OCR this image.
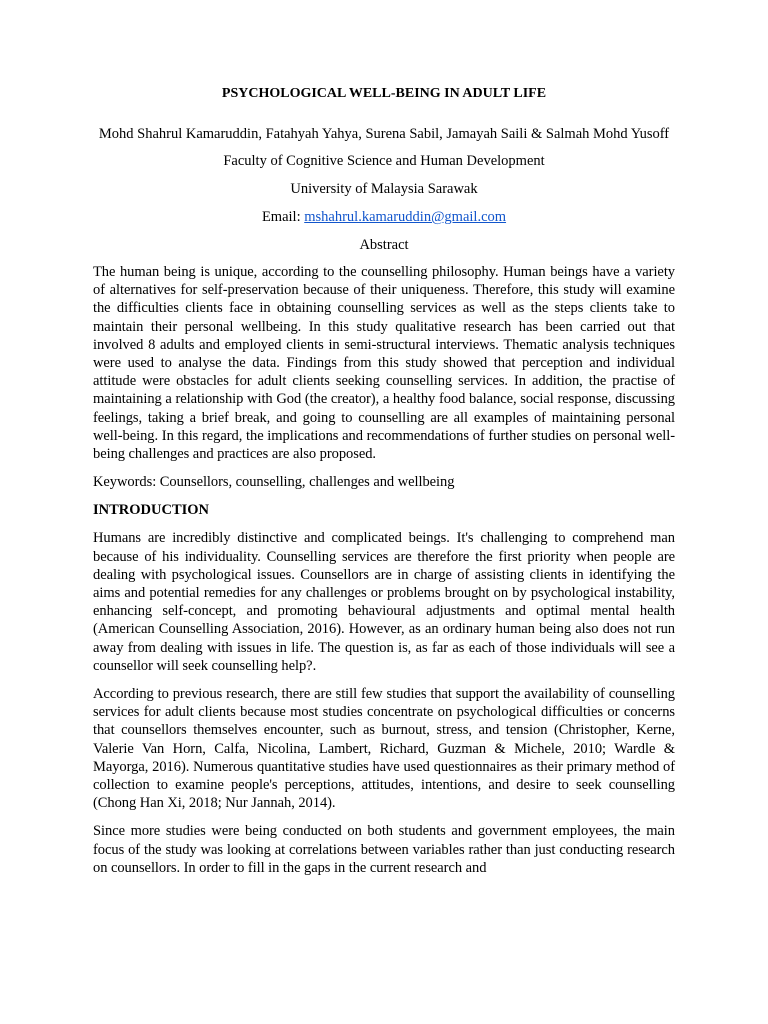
PSYCHOLOGICAL WELL-BEING IN ADULT LIFE
Mohd Shahrul Kamaruddin, Fatahyah Yahya, Surena Sabil, Jamayah Saili & Salmah Mohd Yusoff
Faculty of Cognitive Science and Human Development
University of Malaysia Sarawak
Email: mshahrul.kamaruddin@gmail.com
Abstract

The human being is unique, according to the counselling philosophy. Human beings have a variety of alternatives for self-preservation because of their uniqueness. Therefore, this study will examine the difficulties clients face in obtaining counselling services as well as the steps clients take to maintain their personal wellbeing. In this study qualitative research has been carried out that involved 8 adults and employed clients in semi-structural interviews. Thematic analysis techniques were used to analyse the data. Findings from this study showed that perception and individual attitude were obstacles for adult clients seeking counselling services. In addition, the practise of maintaining a relationship with God (the creator), a healthy food balance, social response, discussing feelings, taking a brief break, and going to counselling are all examples of maintaining personal well-being. In this regard, the implications and recommendations of further studies on personal well-being challenges and practices are also proposed.

Keywords: Counsellors, counselling, challenges and wellbeing

INTRODUCTION

Humans are incredibly distinctive and complicated beings. It's challenging to comprehend man because of his individuality. Counselling services are therefore the first priority when people are dealing with psychological issues. Counsellors are in charge of assisting clients in identifying the aims and potential remedies for any challenges or problems brought on by psychological instability, enhancing self-concept, and promoting behavioural adjustments and optimal mental health (American Counselling Association, 2016). However, as an ordinary human being also does not run away from dealing with issues in life. The question is, as far as each of those individuals will see a counsellor will seek counselling help?.

According to previous research, there are still few studies that support the availability of counselling services for adult clients because most studies concentrate on psychological difficulties or concerns that counsellors themselves encounter, such as burnout, stress, and tension (Christopher, Kerne, Valerie Van Horn, Calfa, Nicolina, Lambert, Richard, Guzman & Michele, 2010; Wardle & Mayorga, 2016). Numerous quantitative studies have used questionnaires as their primary method of collection to examine people's perceptions, attitudes, intentions, and desire to seek counselling (Chong Han Xi, 2018; Nur Jannah, 2014).

Since more studies were being conducted on both students and government employees, the main focus of the study was looking at correlations between variables rather than just conducting research on counsellors. In order to fill in the gaps in the current research and
